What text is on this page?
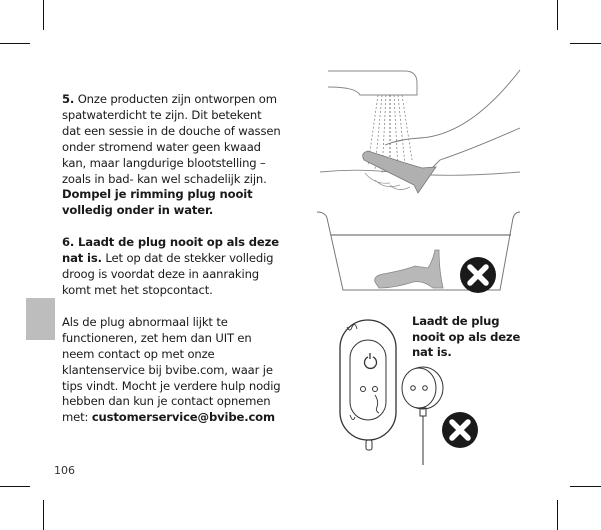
5. Onze producten zijn ontworpen om spatwaterdicht te zijn. Dit betekent dat een sessie in de douche of wassen onder stromend water geen kwaad kan, maar langdurige blootstelling –zoals in bad- kan wel schadelijk zijn. Dompel je rimming plug nooit volledig onder in water.

6. Laadt de plug nooit op als deze nat is. Let op dat de stekker volledig droog is voordat deze in aanraking komt met het stopcontact.

Als de plug abnormaal lijkt te functioneren, zet hem dan UIT en neem contact op met onze klantenservice bij bvibe.com, waar je tips vindt. Mocht je verdere hulp nodig hebben dan kun je contact opnemen met: customerservice@bvibe.com

106
Laadt de plug nooit op als deze nat is.
